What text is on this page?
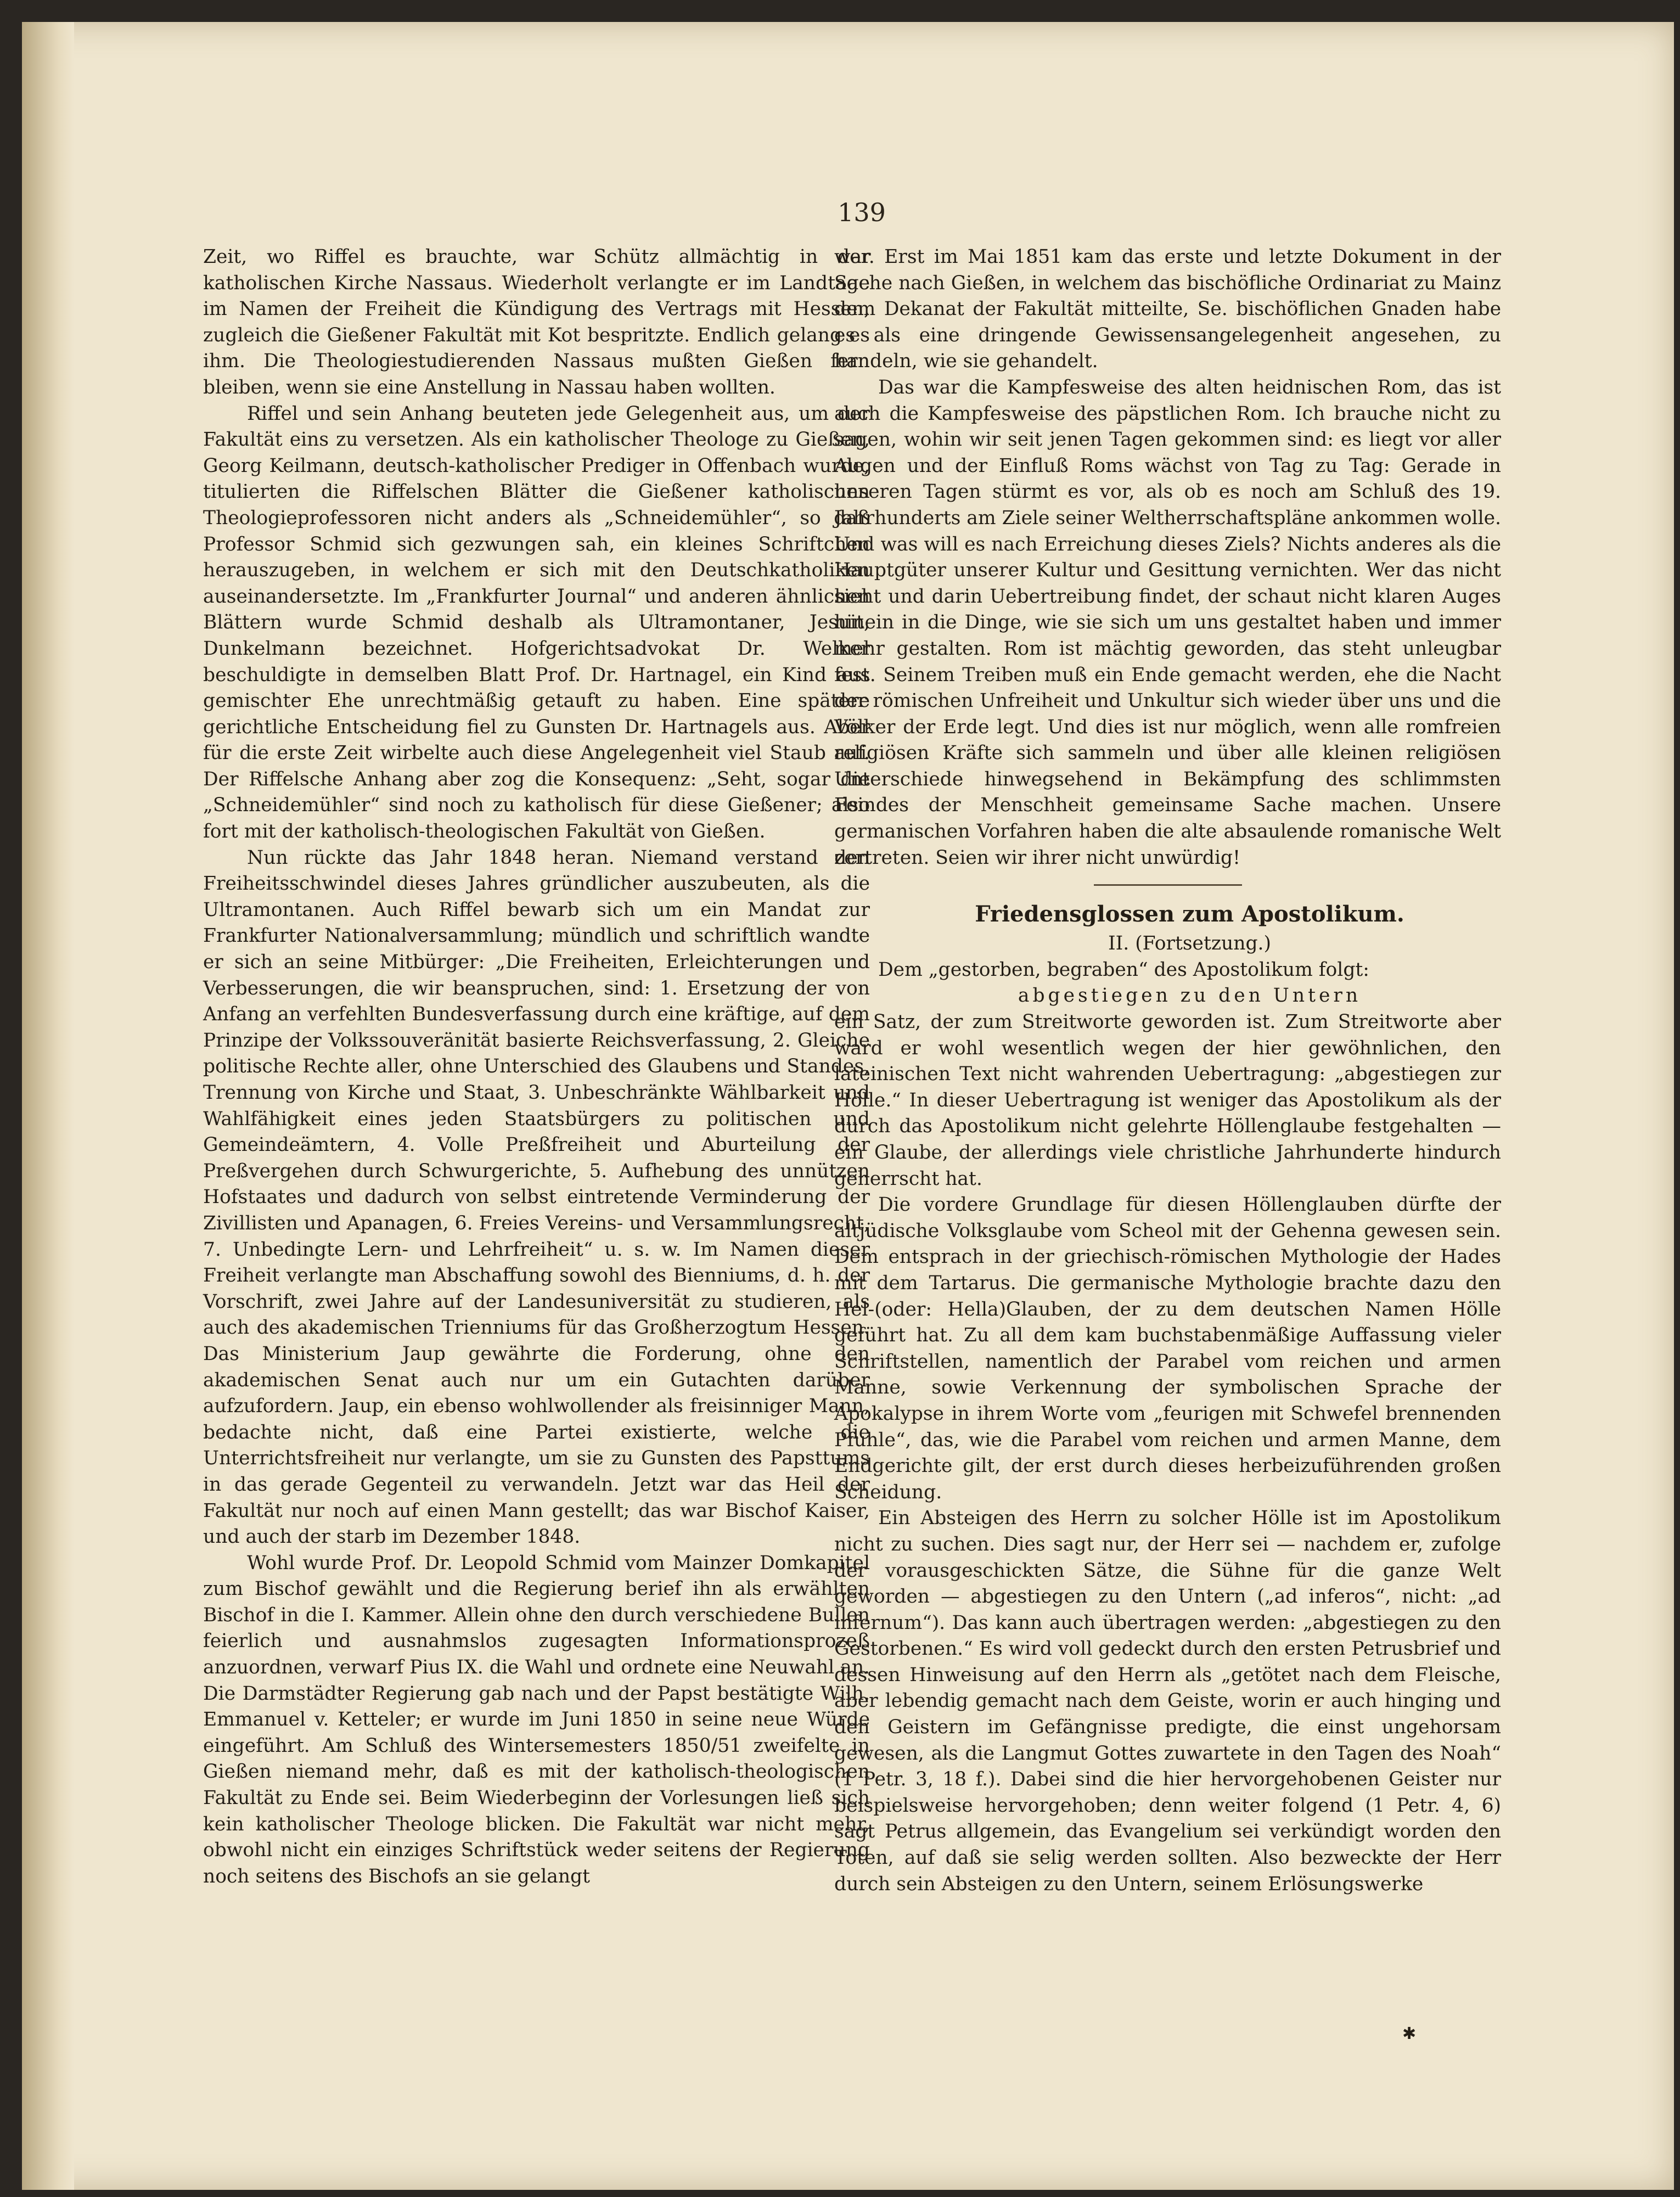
139

Zeit, wo Riffel es brauchte, war Schütz allmächtig in der katholischen Kirche Nassaus. Wiederholt verlangte er im Landtage im Namen der Freiheit die Kündigung des Vertrags mit Hessen, zugleich die Gießener Fakultät mit Kot bespritzte. Endlich gelang es ihm. Die Theologiestudierenden Nassaus mußten Gießen fern bleiben, wenn sie eine Anstellung in Nassau haben wollten.

Riffel und sein Anhang beuteten jede Gelegenheit aus, um der Fakultät eins zu versetzen. Als ein katholischer Theologe zu Gießen, Georg Keilmann, deutsch-katholischer Prediger in Offenbach wurde, titulierten die Riffelschen Blätter die Gießener katholischen Theologieprofessoren nicht anders als „Schneidemühler“, so daß Professor Schmid sich gezwungen sah, ein kleines Schriftchen herauszugeben, in welchem er sich mit den Deutschkatholiken auseinandersetzte. Im „Frankfurter Journal“ und anderen ähnlichen Blättern wurde Schmid deshalb als Ultramontaner, Jesuit, Dunkelmann bezeichnet. Hofgerichtsadvokat Dr. Welker beschuldigte in demselben Blatt Prof. Dr. Hartnagel, ein Kind aus gemischter Ehe unrechtmäßig getauft zu haben. Eine spätere gerichtliche Entscheidung fiel zu Gunsten Dr. Hartnagels aus. Aber für die erste Zeit wirbelte auch diese Angelegenheit viel Staub auf. Der Riffelsche Anhang aber zog die Konsequenz: „Seht, sogar die „Schneidemühler“ sind noch zu katholisch für diese Gießener; also fort mit der katholisch-theologischen Fakultät von Gießen.

Nun rückte das Jahr 1848 heran. Niemand verstand den Freiheitsschwindel dieses Jahres gründlicher auszubeuten, als die Ultramontanen. Auch Riffel bewarb sich um ein Mandat zur Frankfurter Nationalversammlung; mündlich und schriftlich wandte er sich an seine Mitbürger: „Die Freiheiten, Erleichterungen und Verbesserungen, die wir beanspruchen, sind: 1. Ersetzung der von Anfang an verfehlten Bundesverfassung durch eine kräftige, auf dem Prinzipe der Volkssouveränität basierte Reichsverfassung, 2. Gleiche politische Rechte aller, ohne Unterschied des Glaubens und Standes, Trennung von Kirche und Staat, 3. Unbeschränkte Wählbarkeit und Wahlfähigkeit eines jeden Staatsbürgers zu politischen und Gemeindeämtern, 4. Volle Preßfreiheit und Aburteilung der Preßvergehen durch Schwurgerichte, 5. Aufhebung des unnützen Hofstaates und dadurch von selbst eintretende Verminderung der Zivillisten und Apanagen, 6. Freies Vereins- und Versammlungsrecht, 7. Unbedingte Lern- und Lehrfreiheit“ u. s. w. Im Namen dieser Freiheit verlangte man Abschaffung sowohl des Bienniums, d. h. der Vorschrift, zwei Jahre auf der Landesuniversität zu studieren, als auch des akademischen Trienniums für das Großherzogtum Hessen. Das Ministerium Jaup gewährte die Forderung, ohne den akademischen Senat auch nur um ein Gutachten darüber aufzufordern. Jaup, ein ebenso wohlwollender als freisinniger Mann, bedachte nicht, daß eine Partei existierte, welche die Unterrichtsfreiheit nur verlangte, um sie zu Gunsten des Papsttums in das gerade Gegenteil zu verwandeln. Jetzt war das Heil der Fakultät nur noch auf einen Mann gestellt; das war Bischof Kaiser, und auch der starb im Dezember 1848.

Wohl wurde Prof. Dr. Leopold Schmid vom Mainzer Domkapitel zum Bischof gewählt und die Regierung berief ihn als erwählten Bischof in die I. Kammer. Allein ohne den durch verschiedene Bullen feierlich und ausnahmslos zugesagten Informationsprozeß anzuordnen, verwarf Pius IX. die Wahl und ordnete eine Neuwahl an. Die Darmstädter Regierung gab nach und der Papst bestätigte Wilh. Emmanuel v. Ketteler; er wurde im Juni 1850 in seine neue Würde eingeführt. Am Schluß des Wintersemesters 1850/51 zweifelte in Gießen niemand mehr, daß es mit der katholisch-theologischen Fakultät zu Ende sei. Beim Wiederbeginn der Vorlesungen ließ sich kein katholischer Theologe blicken. Die Fakultät war nicht mehr, obwohl nicht ein einziges Schriftstück weder seitens der Regierung noch seitens des Bischofs an sie gelangt

war. Erst im Mai 1851 kam das erste und letzte Dokument in der Sache nach Gießen, in welchem das bischöfliche Ordinariat zu Mainz dem Dekanat der Fakultät mitteilte, Se. bischöflichen Gnaden habe es als eine dringende Gewissensangelegenheit angesehen, zu handeln, wie sie gehandelt.

Das war die Kampfesweise des alten heidnischen Rom, das ist auch die Kampfesweise des päpstlichen Rom. Ich brauche nicht zu sagen, wohin wir seit jenen Tagen gekommen sind: es liegt vor aller Augen und der Einfluß Roms wächst von Tag zu Tag: Gerade in unseren Tagen stürmt es vor, als ob es noch am Schluß des 19. Jahrhunderts am Ziele seiner Weltherrschaftspläne ankommen wolle. Und was will es nach Erreichung dieses Ziels? Nichts anderes als die Hauptgüter unserer Kultur und Gesittung vernichten. Wer das nicht sieht und darin Uebertreibung findet, der schaut nicht klaren Auges hinein in die Dinge, wie sie sich um uns gestaltet haben und immer mehr gestalten. Rom ist mächtig geworden, das steht unleugbar fest. Seinem Treiben muß ein Ende gemacht werden, ehe die Nacht der römischen Unfreiheit und Unkultur sich wieder über uns und die Völker der Erde legt. Und dies ist nur möglich, wenn alle romfreien religiösen Kräfte sich sammeln und über alle kleinen religiösen Unterschiede hinwegsehend in Bekämpfung des schlimmsten Feindes der Menschheit gemeinsame Sache machen. Unsere germanischen Vorfahren haben die alte absaulende romanische Welt zertreten. Seien wir ihrer nicht unwürdig!

Friedensglossen zum Apostolikum.

II. (Fortsetzung.)

Dem „gestorben, begraben“ des Apostolikum folgt:

abgestiegen zu den Untern

ein Satz, der zum Streitworte geworden ist. Zum Streitworte aber ward er wohl wesentlich wegen der hier gewöhnlichen, den lateinischen Text nicht wahrenden Uebertragung: „abgestiegen zur Hölle.“ In dieser Uebertragung ist weniger das Apostolikum als der durch das Apostolikum nicht gelehrte Höllenglaube festgehalten — ein Glaube, der allerdings viele christliche Jahrhunderte hindurch geherrscht hat.

Die vordere Grundlage für diesen Höllenglauben dürfte der altjüdische Volksglaube vom Scheol mit der Gehenna gewesen sein. Dem entsprach in der griechisch-römischen Mythologie der Hades mit dem Tartarus. Die germanische Mythologie brachte dazu den Hel-(oder: Hella)Glauben, der zu dem deutschen Namen Hölle geführt hat. Zu all dem kam buchstabenmäßige Auffassung vieler Schriftstellen, namentlich der Parabel vom reichen und armen Manne, sowie Verkennung der symbolischen Sprache der Apokalypse in ihrem Worte vom „feurigen mit Schwefel brennenden Pfuhle“, das, wie die Parabel vom reichen und armen Manne, dem Endgerichte gilt, der erst durch dieses herbeizuführenden großen Scheidung.

Ein Absteigen des Herrn zu solcher Hölle ist im Apostolikum nicht zu suchen. Dies sagt nur, der Herr sei — nachdem er, zufolge der vorausgeschickten Sätze, die Sühne für die ganze Welt geworden — abgestiegen zu den Untern („ad inferos“, nicht: „ad infernum“). Das kann auch übertragen werden: „abgestiegen zu den Gestorbenen.“ Es wird voll gedeckt durch den ersten Petrusbrief und dessen Hinweisung auf den Herrn als „getötet nach dem Fleische, aber lebendig gemacht nach dem Geiste, worin er auch hinging und den Geistern im Gefängnisse predigte, die einst ungehorsam gewesen, als die Langmut Gottes zuwartete in den Tagen des Noah“ (1 Petr. 3, 18 f.). Dabei sind die hier hervorgehobenen Geister nur beispielsweise hervorgehoben; denn weiter folgend (1 Petr. 4, 6) sagt Petrus allgemein, das Evangelium sei verkündigt worden den Toten, auf daß sie selig werden sollten. Also bezweckte der Herr durch sein Absteigen zu den Untern, seinem Erlösungswerke

✱
